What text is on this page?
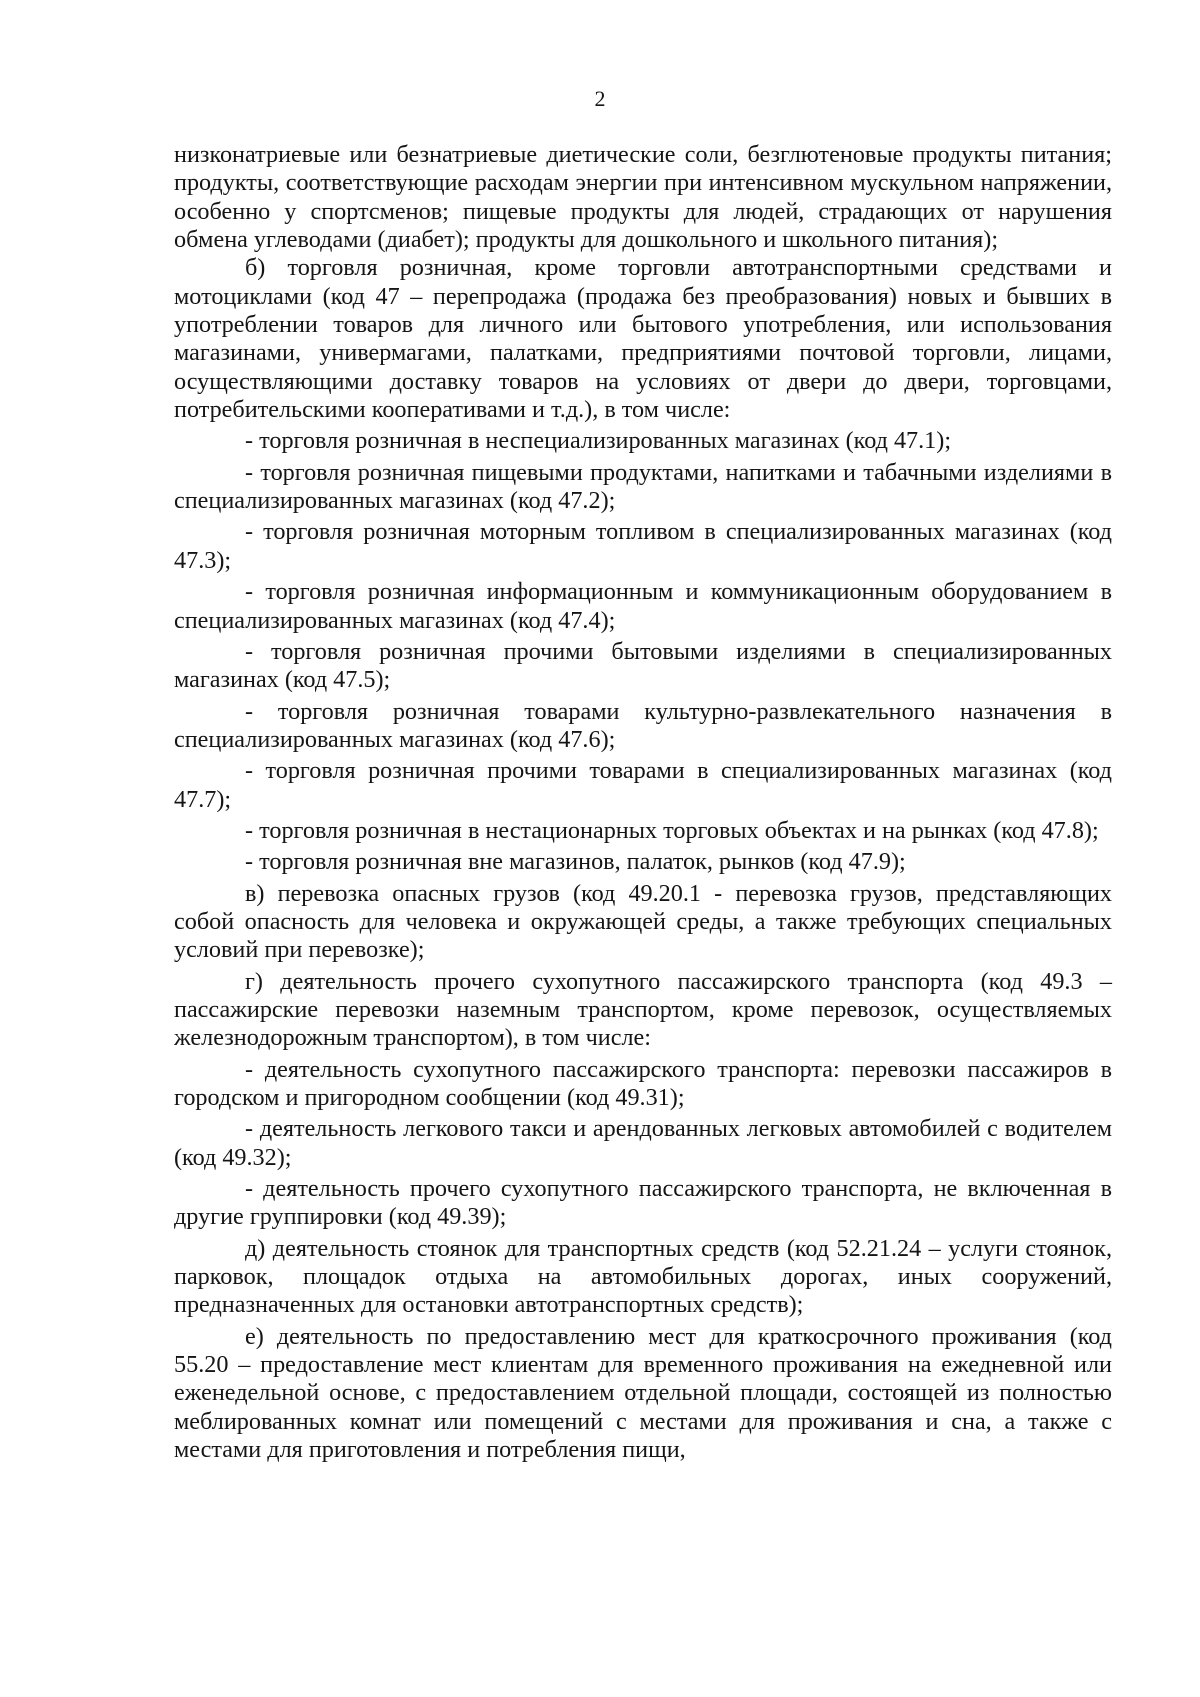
2

низконатриевые или безнатриевые диетические соли, безглютеновые продукты питания; продукты, соответствующие расходам энергии при интенсивном мускульном напряжении, особенно у спортсменов; пищевые продукты для людей, страдающих от нарушения обмена углеводами (диабет); продукты для дошкольного и школьного питания);

б) торговля розничная, кроме торговли автотранспортными средствами и мотоциклами (код 47 – перепродажа (продажа без преобразования) новых и бывших в употреблении товаров для личного или бытового употребления, или использования магазинами, универмагами, палатками, предприятиями почтовой торговли, лицами, осуществляющими доставку товаров на условиях от двери до двери, торговцами, потребительскими кооперативами и т.д.), в том числе:

- торговля розничная в неспециализированных магазинах (код 47.1);

- торговля розничная пищевыми продуктами, напитками и табачными изделиями в специализированных магазинах (код 47.2);

- торговля розничная моторным топливом в специализированных магазинах (код 47.3);

- торговля розничная информационным и коммуникационным оборудованием в специализированных магазинах (код 47.4);

- торговля розничная прочими бытовыми изделиями в специализированных магазинах (код 47.5);

- торговля розничная товарами культурно-развлекательного назначения в специализированных магазинах (код 47.6);

- торговля розничная прочими товарами в специализированных магазинах (код 47.7);

- торговля розничная в нестационарных торговых объектах и на рынках (код 47.8);

- торговля розничная вне магазинов, палаток, рынков (код 47.9);

в) перевозка опасных грузов (код 49.20.1 - перевозка грузов, представляющих собой опасность для человека и окружающей среды, а также требующих специальных условий при перевозке);

г) деятельность прочего сухопутного пассажирского транспорта (код 49.3 – пассажирские перевозки наземным транспортом, кроме перевозок, осуществляемых железнодорожным транспортом), в том числе:

- деятельность сухопутного пассажирского транспорта: перевозки пассажиров в городском и пригородном сообщении (код 49.31);

- деятельность легкового такси и арендованных легковых автомобилей с водителем (код 49.32);

- деятельность прочего сухопутного пассажирского транспорта, не включенная в другие группировки (код 49.39);

д) деятельность стоянок для транспортных средств (код 52.21.24 – услуги стоянок, парковок, площадок отдыха на автомобильных дорогах, иных сооружений, предназначенных для остановки автотранспортных средств);

е) деятельность по предоставлению мест для краткосрочного проживания (код 55.20 – предоставление мест клиентам для временного проживания на ежедневной или еженедельной основе, с предоставлением отдельной площади, состоящей из полностью меблированных комнат или помещений с местами для проживания и сна, а также с местами для приготовления и потребления пищи,
